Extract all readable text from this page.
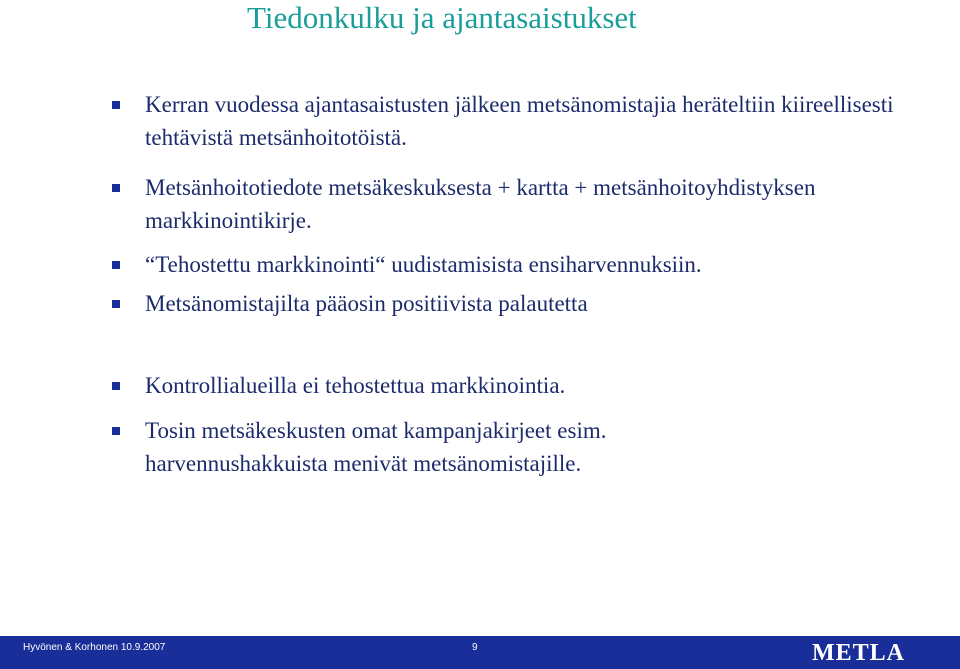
Tiedonkulku ja ajantasaistukset
Kerran vuodessa ajantasaistusten jälkeen metsänomistajia heräteltiin kiireellisesti tehtävistä metsänhoitotöistä.
Metsänhoitotiedote metsäkeskuksesta + kartta + metsänhoitoyhdistyksen markkinointikirje.
“Tehostettu markkinointi“ uudistamisista ensiharvennuksiin.
Metsänomistajilta pääosin positiivista palautetta
Kontrollialueilla ei tehostettua markkinointia.
Tosin metsäkeskusten omat kampanjakirjeet esim. harvennushakkuista menivät metsänomistajille.
Hyvönen & Korhonen 10.9.2007	9	METLA
